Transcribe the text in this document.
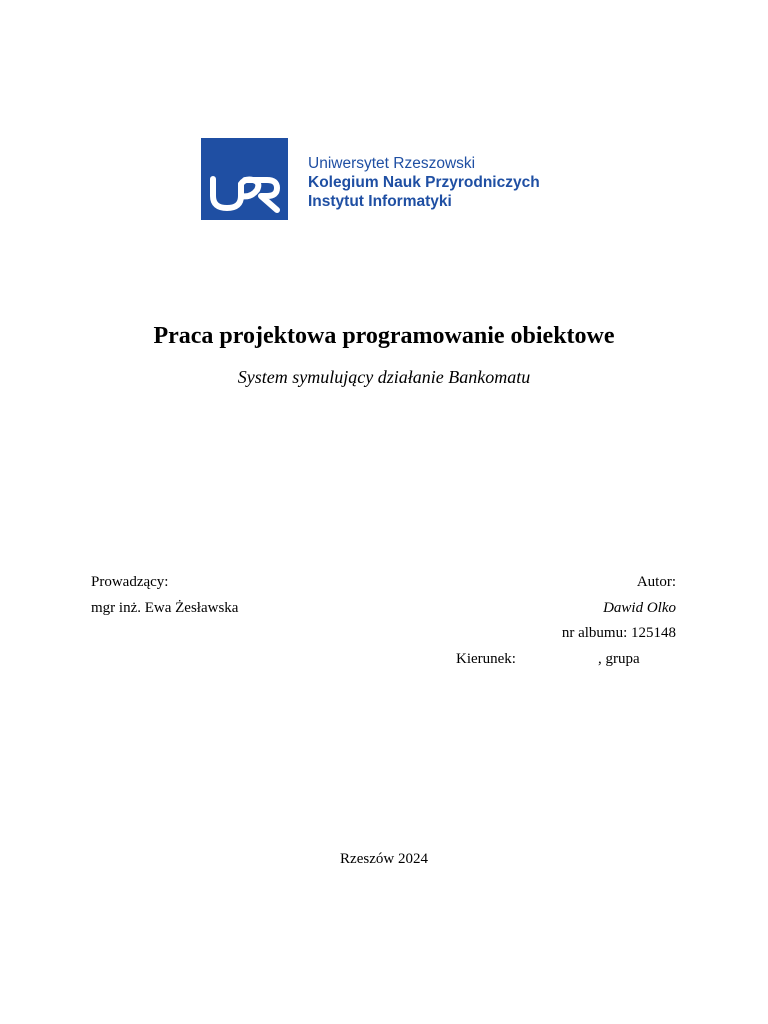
Uniwersytet Rzeszowski
Kolegium Nauk Przyrodniczych
Instytut Informatyki
Praca projektowa programowanie obiektowe
System symulujący działanie Bankomatu
Prowadzący:
mgr inż. Ewa Żesławska
Autor:
Dawid Olko
nr albumu: 125148
Kierunek:	, grupa
Rzeszów 2024
